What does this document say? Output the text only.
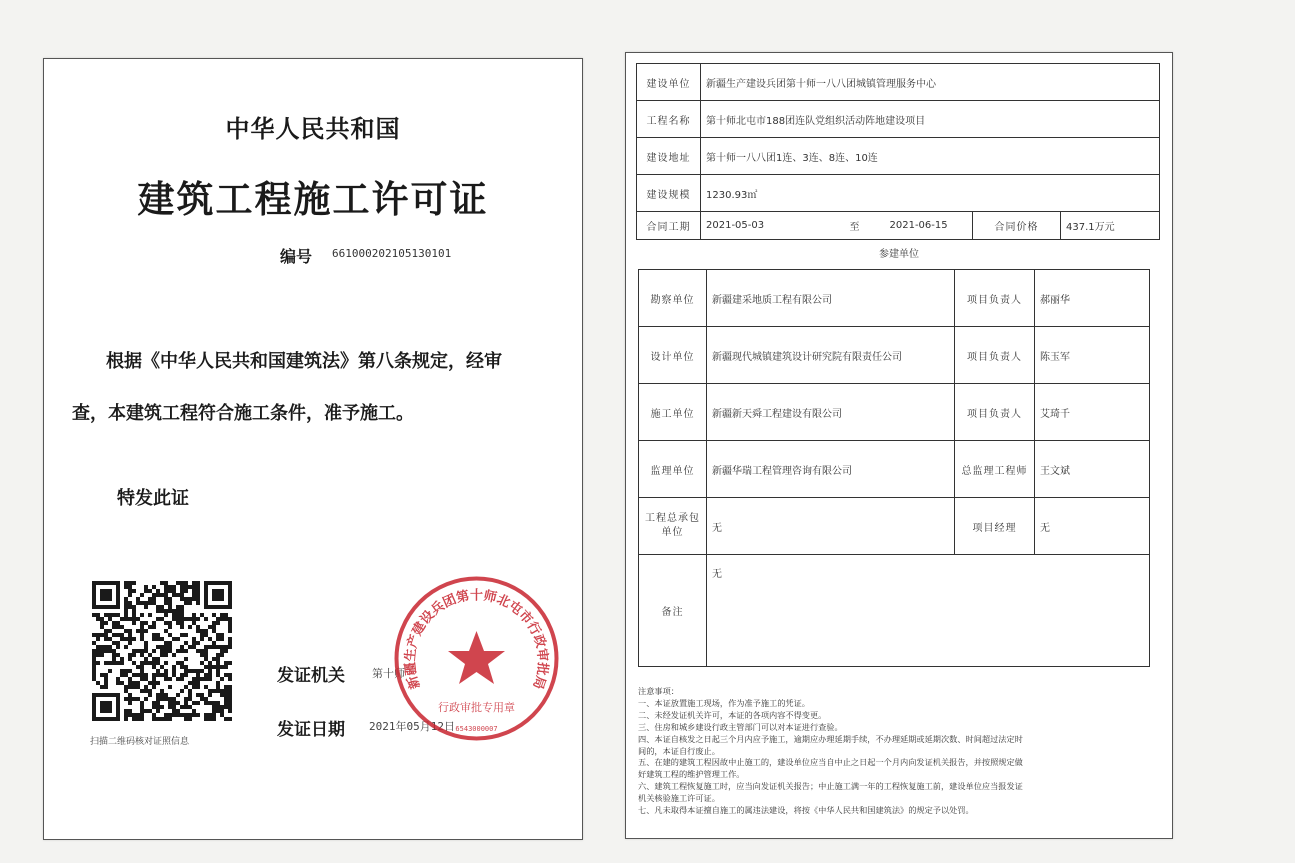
中华人民共和国
建筑工程施工许可证
编号 661000202105130101
根据《中华人民共和国建筑法》第八条规定，经审
查，本建筑工程符合施工条件，准予施工。
特发此证
扫描二维码核对证照信息
发证机关 第十师
发证日期 2021年05月12日
新疆生产建设兵团第十师北屯市行政审批局
行政审批专用章
6543000007
建设单位	新疆生产建设兵团第十师一八八团城镇管理服务中心				
工程名称	第十师北屯市188团连队党组织活动阵地建设项目				
建设地址	第十师一八八团1连、3连、8连、10连				
建设规模	1230.93㎡				
合同工期	2021-05-03	至	2021-06-15	合同价格	437.1万元
参建单位
勘察单位	新疆建采地质工程有限公司	项目负责人	郝丽华
设计单位	新疆现代城镇建筑设计研究院有限责任公司	项目负责人	陈玉军
施工单位	新疆新天舜工程建设有限公司	项目负责人	艾琦千
监理单位	新疆华瑞工程管理咨询有限公司	总监理工程师	王文斌
工程总承包单位	无	项目经理	无
备注	无		
注意事项：
一、本证放置施工现场，作为准予施工的凭证。
二、未经发证机关许可，本证的各项内容不得变更。
三、住房和城乡建设行政主管部门可以对本证进行查验。
四、本证自核发之日起三个月内应予施工，逾期应办理延期手续，不办理延期或延期次数、时间超过法定时
间的，本证自行废止。
五、在建的建筑工程因故中止施工的，建设单位应当自中止之日起一个月内向发证机关报告，并按照规定做
好建筑工程的维护管理工作。
六、建筑工程恢复施工时，应当向发证机关报告；中止施工满一年的工程恢复施工前，建设单位应当报发证
机关核验施工许可证。
七、凡未取得本证擅自施工的属违法建设，将按《中华人民共和国建筑法》的规定予以处罚。
